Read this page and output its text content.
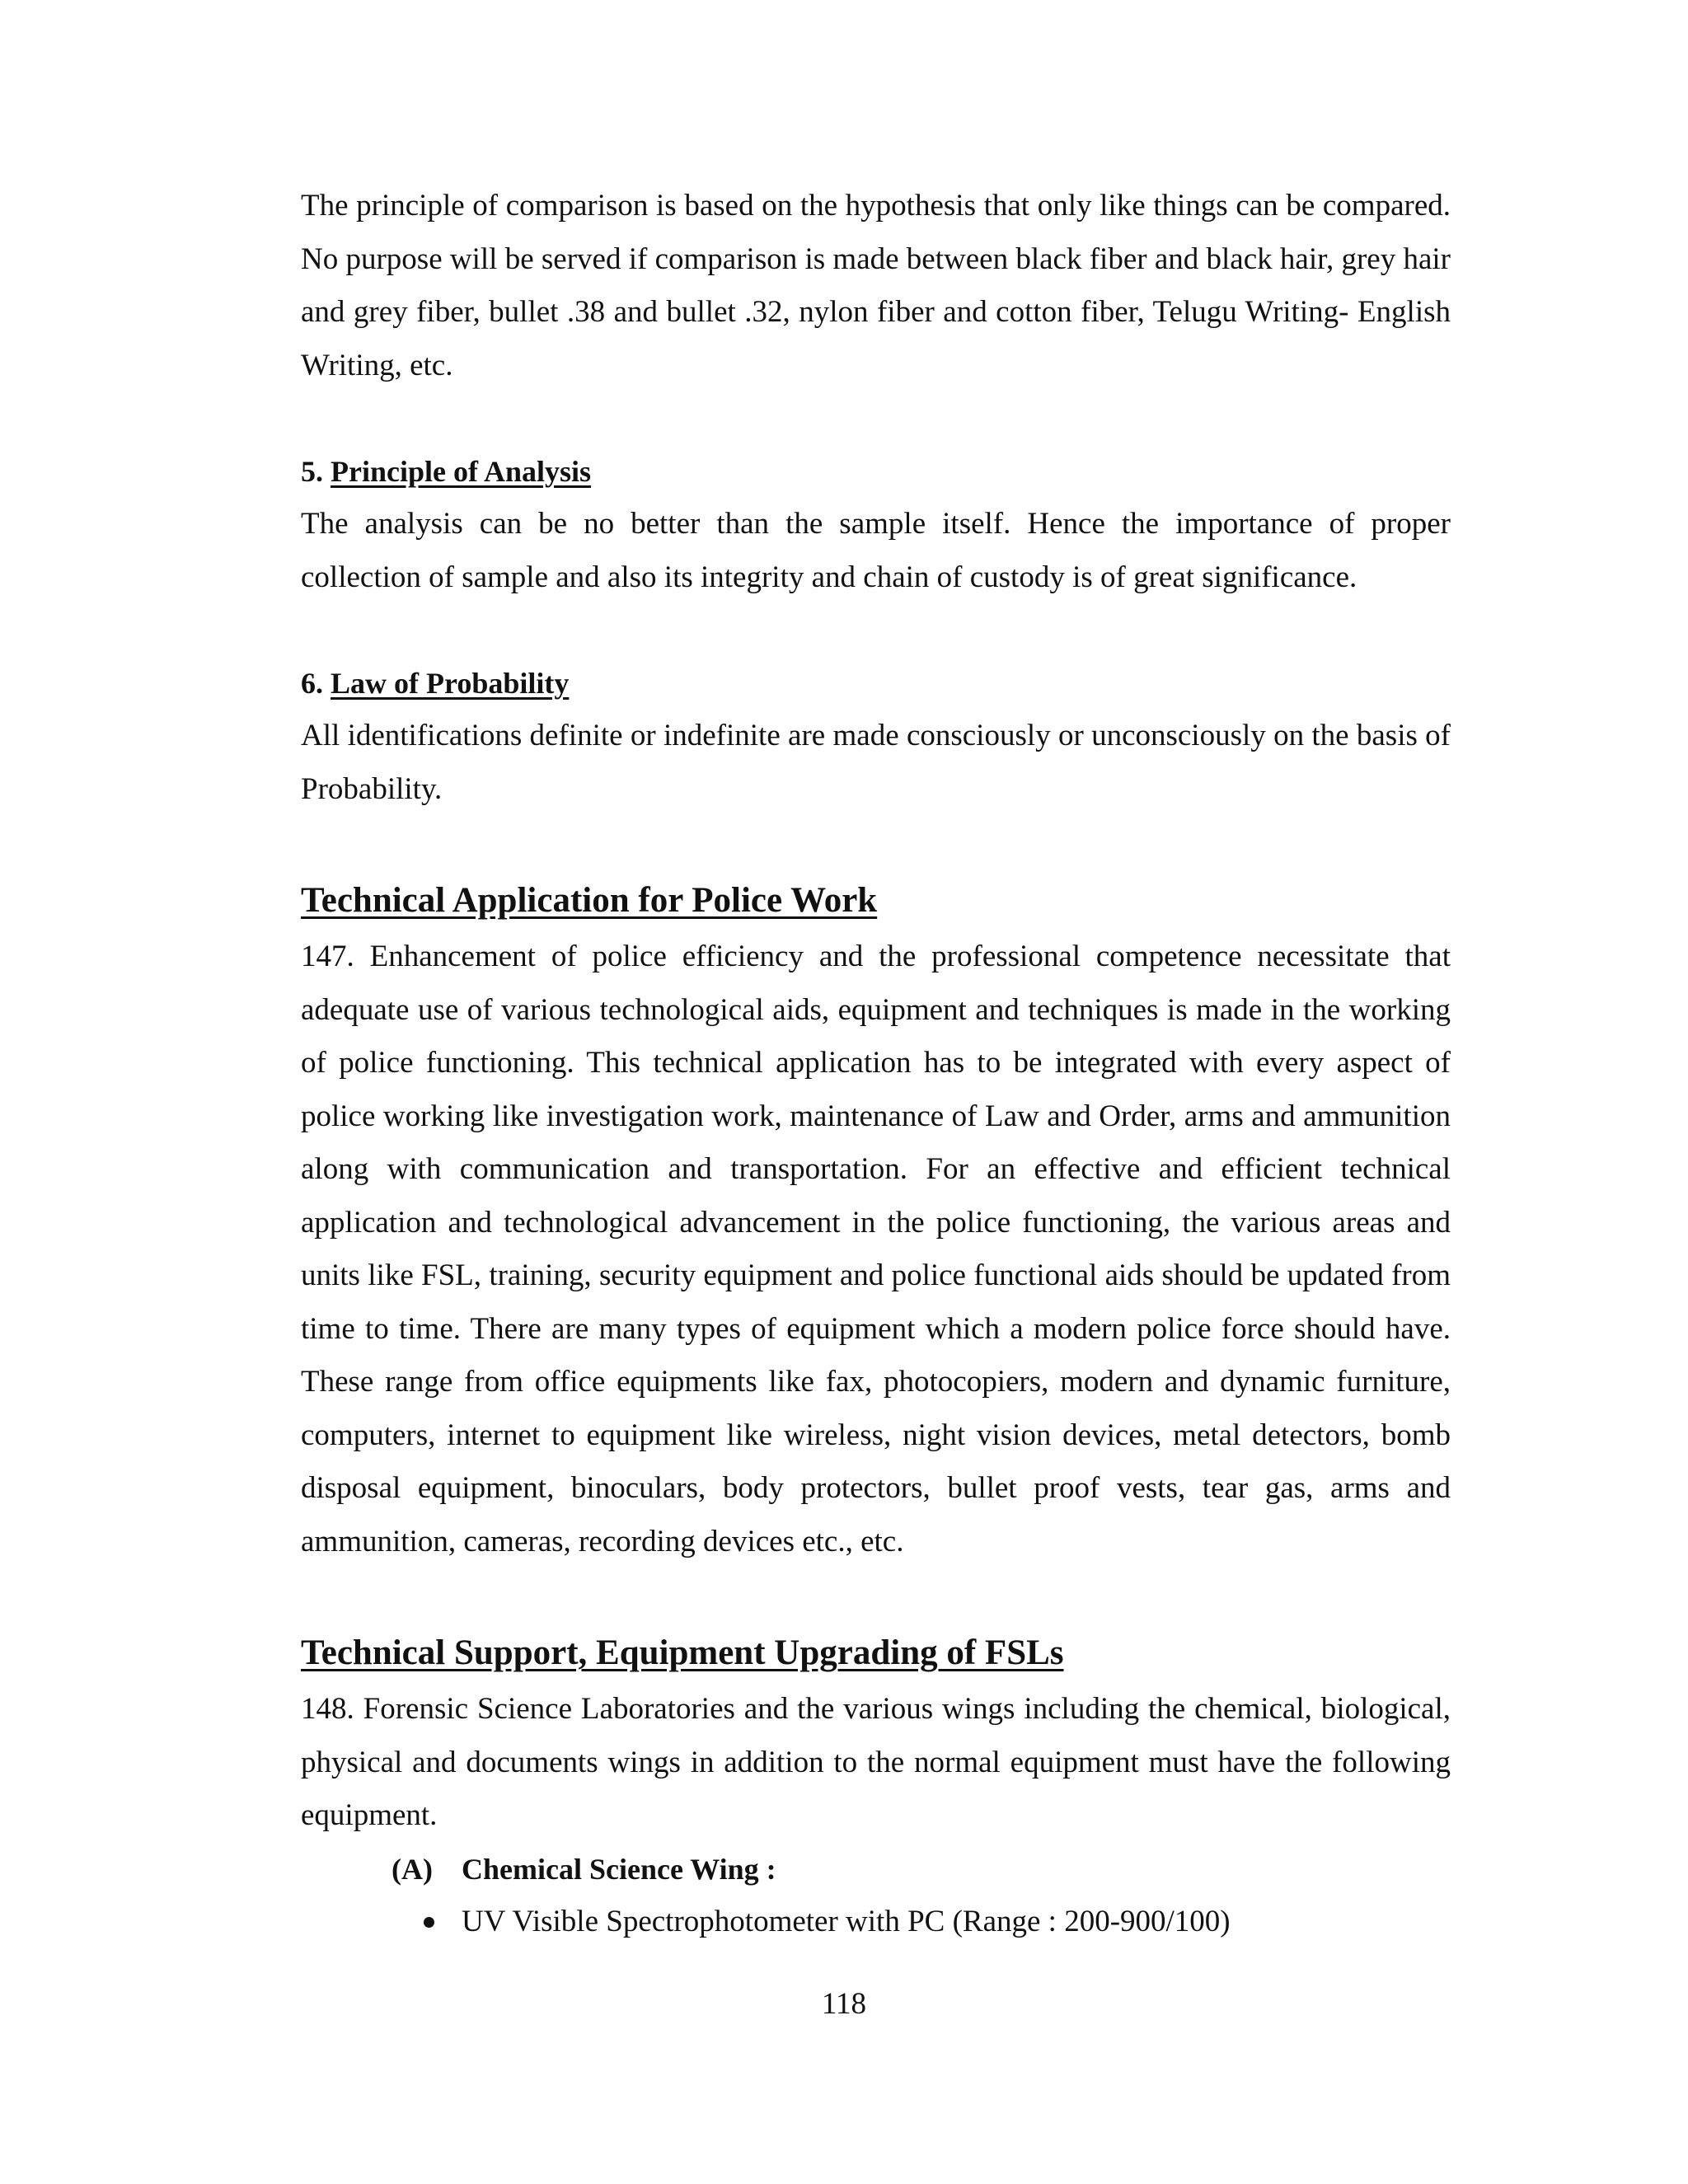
The principle of comparison is based on the hypothesis that only like things can be compared. No purpose will be served if comparison is made between black fiber and black hair, grey hair and grey fiber, bullet .38 and bullet .32, nylon fiber and cotton fiber, Telugu Writing- English Writing, etc.

5. Principle of Analysis

The analysis can be no better than the sample itself. Hence the importance of proper collection of sample and also its integrity and chain of custody is of great significance.

6. Law of Probability

All identifications definite or indefinite are made consciously or unconsciously on the basis of Probability.

Technical Application for Police Work

147. Enhancement of police efficiency and the professional competence necessitate that adequate use of various technological aids, equipment and techniques is made in the working of police functioning. This technical application has to be integrated with every aspect of police working like investigation work, maintenance of Law and Order, arms and ammunition along with communication and transportation. For an effective and efficient technical application and technological advancement in the police functioning, the various areas and units like FSL, training, security equipment and police functional aids should be updated from time to time. There are many types of equipment which a modern police force should have. These range from office equipments like fax, photocopiers, modern and dynamic furniture, computers, internet to equipment like wireless, night vision devices, metal detectors, bomb disposal equipment, binoculars, body protectors, bullet proof vests, tear gas, arms and ammunition, cameras, recording devices etc., etc.

Technical Support, Equipment Upgrading of FSLs

148. Forensic Science Laboratories and the various wings including the chemical, biological, physical and documents wings in addition to the normal equipment must have the following equipment.

(A) Chemical Science Wing :

UV Visible Spectrophotometer with PC (Range : 200-900/100)
118
